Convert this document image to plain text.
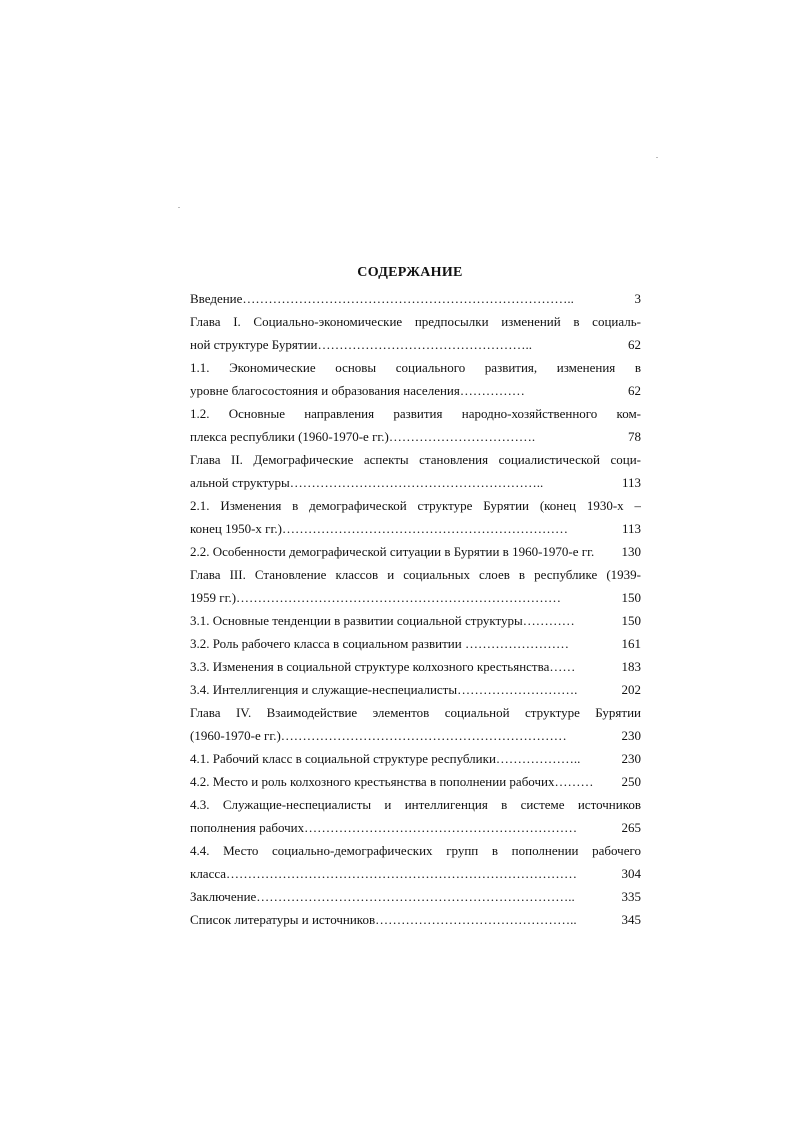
СОДЕРЖАНИЕ
Введение…………………………………………………………………..	3
Глава I. Социально-экономические предпосылки изменений в социаль-
ной структуре Бурятии…………………………………………..	62
1.1. Экономические основы социального развития, изменения в
уровне благосостояния и образования населения……………	62
1.2. Основные направления развития народно-хозяйственного ком-
плекса республики (1960-1970-е гг.)…………………………….	78
Глава II. Демографические аспекты становления социалистической соци-
альной структуры…………………………………………………..	113
2.1. Изменения в демографической структуре Бурятии (конец 1930-х –
конец 1950-х гг.)…………………………………………………………	113
2.2. Особенности демографической ситуации в Бурятии в 1960-1970-е гг.	130
Глава III. Становление классов и социальных слоев в республике (1939-
1959 гг.)…………………………………………………………………	150
3.1. Основные тенденции в развитии социальной структуры…………	150
3.2. Роль рабочего класса в социальном развитии ……………………	161
3.3. Изменения в социальной структуре колхозного крестьянства……	183
3.4. Интеллигенция и служащие-неспециалисты……………………….	202
Глава IV. Взаимодействие элементов социальной структуре Бурятии
(1960-1970-е гг.)…………………………………………………………	230
4.1. Рабочий класс в социальной структуре республики………………..	230
4.2. Место и роль колхозного крестьянства в пополнении рабочих………	250
4.3. Служащие-неспециалисты и интеллигенция в системе источников
пополнения рабочих………………………………………………………	265
4.4. Место социально-демографических групп в пополнении рабочего
класса………………………………………………………………………	304
Заключение………………………………………………………………..	335
Список литературы и источников………………………………………..	345
